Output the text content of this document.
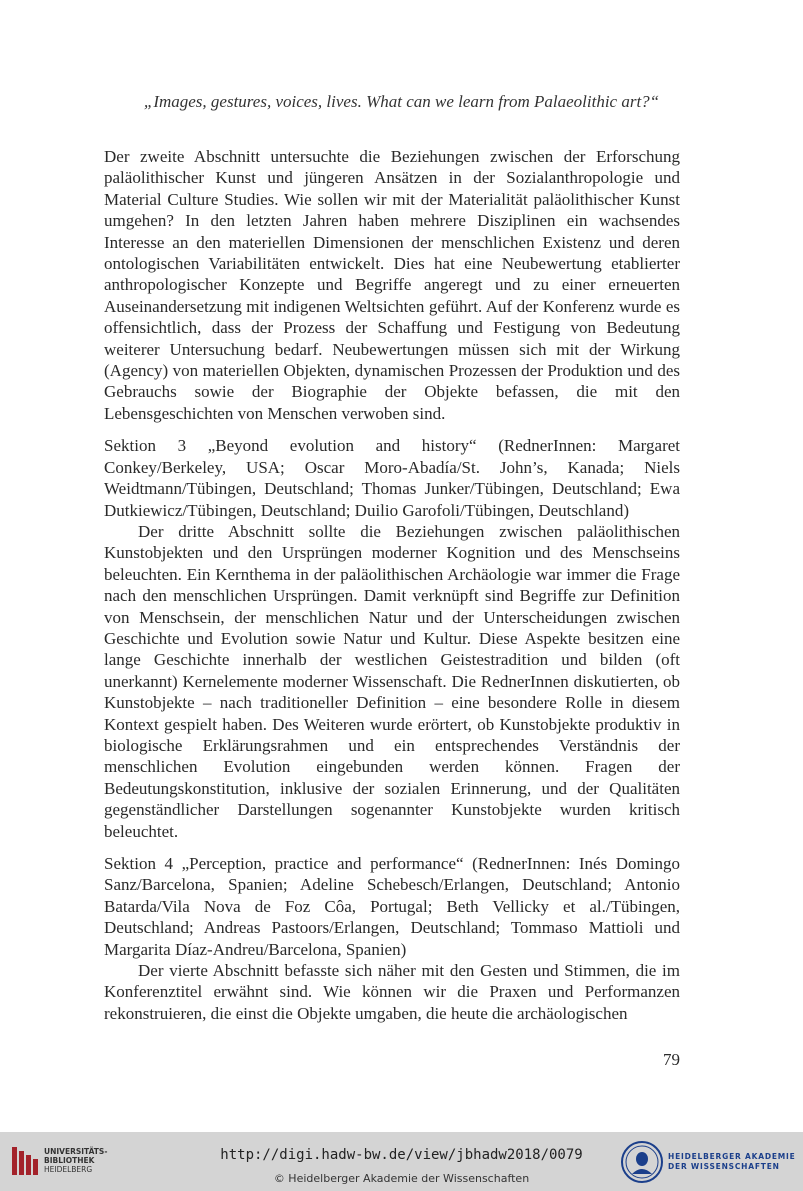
„Images, gestures, voices, lives. What can we learn from Palaeolithic art?“

Der zweite Abschnitt untersuchte die Beziehungen zwischen der Erforschung paläolithischer Kunst und jüngeren Ansätzen in der Sozialanthropologie und Material Culture Studies. Wie sollen wir mit der Materialität paläolithischer Kunst umgehen? In den letzten Jahren haben mehrere Disziplinen ein wachsendes Interesse an den materiellen Dimensionen der menschlichen Existenz und deren ontologischen Variabilitäten entwickelt. Dies hat eine Neubewertung etablierter anthropologischer Konzepte und Begriffe angeregt und zu einer erneuerten Auseinandersetzung mit indigenen Weltsichten geführt. Auf der Konferenz wurde es offensichtlich, dass der Prozess der Schaffung und Festigung von Bedeutung weiterer Untersuchung bedarf. Neubewertungen müssen sich mit der Wirkung (Agency) von materiellen Objekten, dynamischen Prozessen der Produktion und des Gebrauchs sowie der Biographie der Objekte befassen, die mit den Lebensgeschichten von Menschen verwoben sind.

Sektion 3 „Beyond evolution and history“ (RednerInnen: Margaret Conkey/Berkeley, USA; Oscar Moro-Abadía/St. John’s, Kanada; Niels Weidtmann/Tübingen, Deutschland; Thomas Junker/Tübingen, Deutschland; Ewa Dutkiewicz/Tübingen, Deutschland; Duilio Garofoli/Tübingen, Deutschland)

Der dritte Abschnitt sollte die Beziehungen zwischen paläolithischen Kunstobjekten und den Ursprüngen moderner Kognition und des Menschseins beleuchten. Ein Kernthema in der paläolithischen Archäologie war immer die Frage nach den menschlichen Ursprüngen. Damit verknüpft sind Begriffe zur Definition von Menschsein, der menschlichen Natur und der Unterscheidungen zwischen Geschichte und Evolution sowie Natur und Kultur. Diese Aspekte besitzen eine lange Geschichte innerhalb der westlichen Geistestradition und bilden (oft unerkannt) Kernelemente moderner Wissenschaft. Die RednerInnen diskutierten, ob Kunstobjekte – nach traditioneller Definition – eine besondere Rolle in diesem Kontext gespielt haben. Des Weiteren wurde erörtert, ob Kunstobjekte produktiv in biologische Erklärungsrahmen und ein entsprechendes Verständnis der menschlichen Evolution eingebunden werden können. Fragen der Bedeutungskonstitution, inklusive der sozialen Erinnerung, und der Qualitäten gegenständlicher Darstellungen sogenannter Kunstobjekte wurden kritisch beleuchtet.

Sektion 4 „Perception, practice and performance“ (RednerInnen: Inés Domingo Sanz/Barcelona, Spanien; Adeline Schebesch/Erlangen, Deutschland; Antonio Batarda/Vila Nova de Foz Côa, Portugal; Beth Vellicky et al./Tübingen, Deutschland; Andreas Pastoors/Erlangen, Deutschland; Tommaso Mattioli und Margarita Díaz-Andreu/Barcelona, Spanien)

Der vierte Abschnitt befasste sich näher mit den Gesten und Stimmen, die im Konferenztitel erwähnt sind. Wie können wir die Praxen und Performanzen rekonstruieren, die einst die Objekte umgaben, die heute die archäologischen

79
UNIVERSITÄTS-
BIBLIOTHEK
HEIDELBERG
http://digi.hadw-bw.de/view/jbhadw2018/0079
© Heidelberger Akademie der Wissenschaften
HEIDELBERGER AKADEMIE
DER WISSENSCHAFTEN
